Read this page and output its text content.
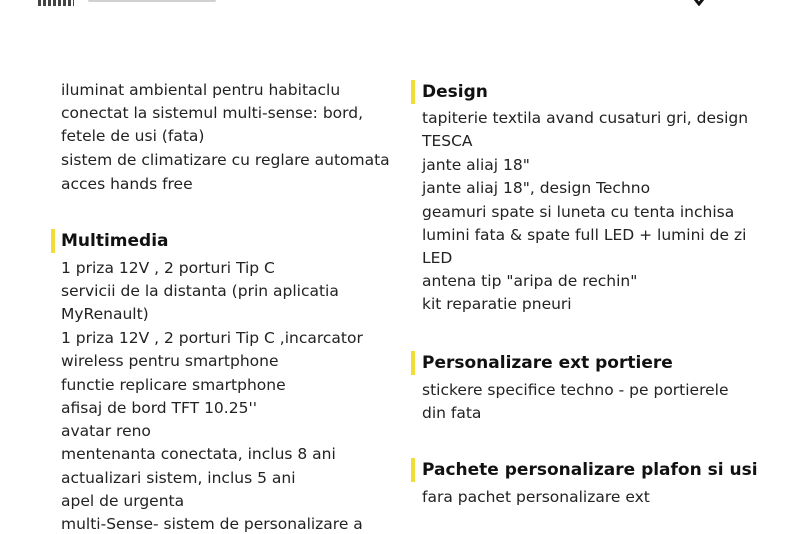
iluminat ambiental pentru habitaclu
conectat la sistemul multi-sense: bord,
fetele de usi (fata)
sistem de climatizare cu reglare automata
acces hands free
Multimedia
1 priza 12V , 2 porturi Tip C
servicii de la distanta (prin aplicatia
MyRenault)
1 priza 12V , 2 porturi Tip C ,incarcator
wireless pentru smartphone
functie replicare smartphone
afisaj de bord TFT 10.25''
avatar reno
mentenanta conectata, inclus 8 ani
actualizari sistem, inclus 5 ani
apel de urgenta
multi-Sense- sistem de personalizare a
Design
tapiterie textila avand cusaturi gri, design
TESCA
jante aliaj 18"
jante aliaj 18", design Techno
geamuri spate si luneta cu tenta inchisa
lumini fata & spate full LED + lumini de zi
LED
antena tip "aripa de rechin"
kit reparatie pneuri
Personalizare ext portiere
stickere specifice techno - pe portierele
din fata
Pachete personalizare plafon si usi
fara pachet personalizare ext
